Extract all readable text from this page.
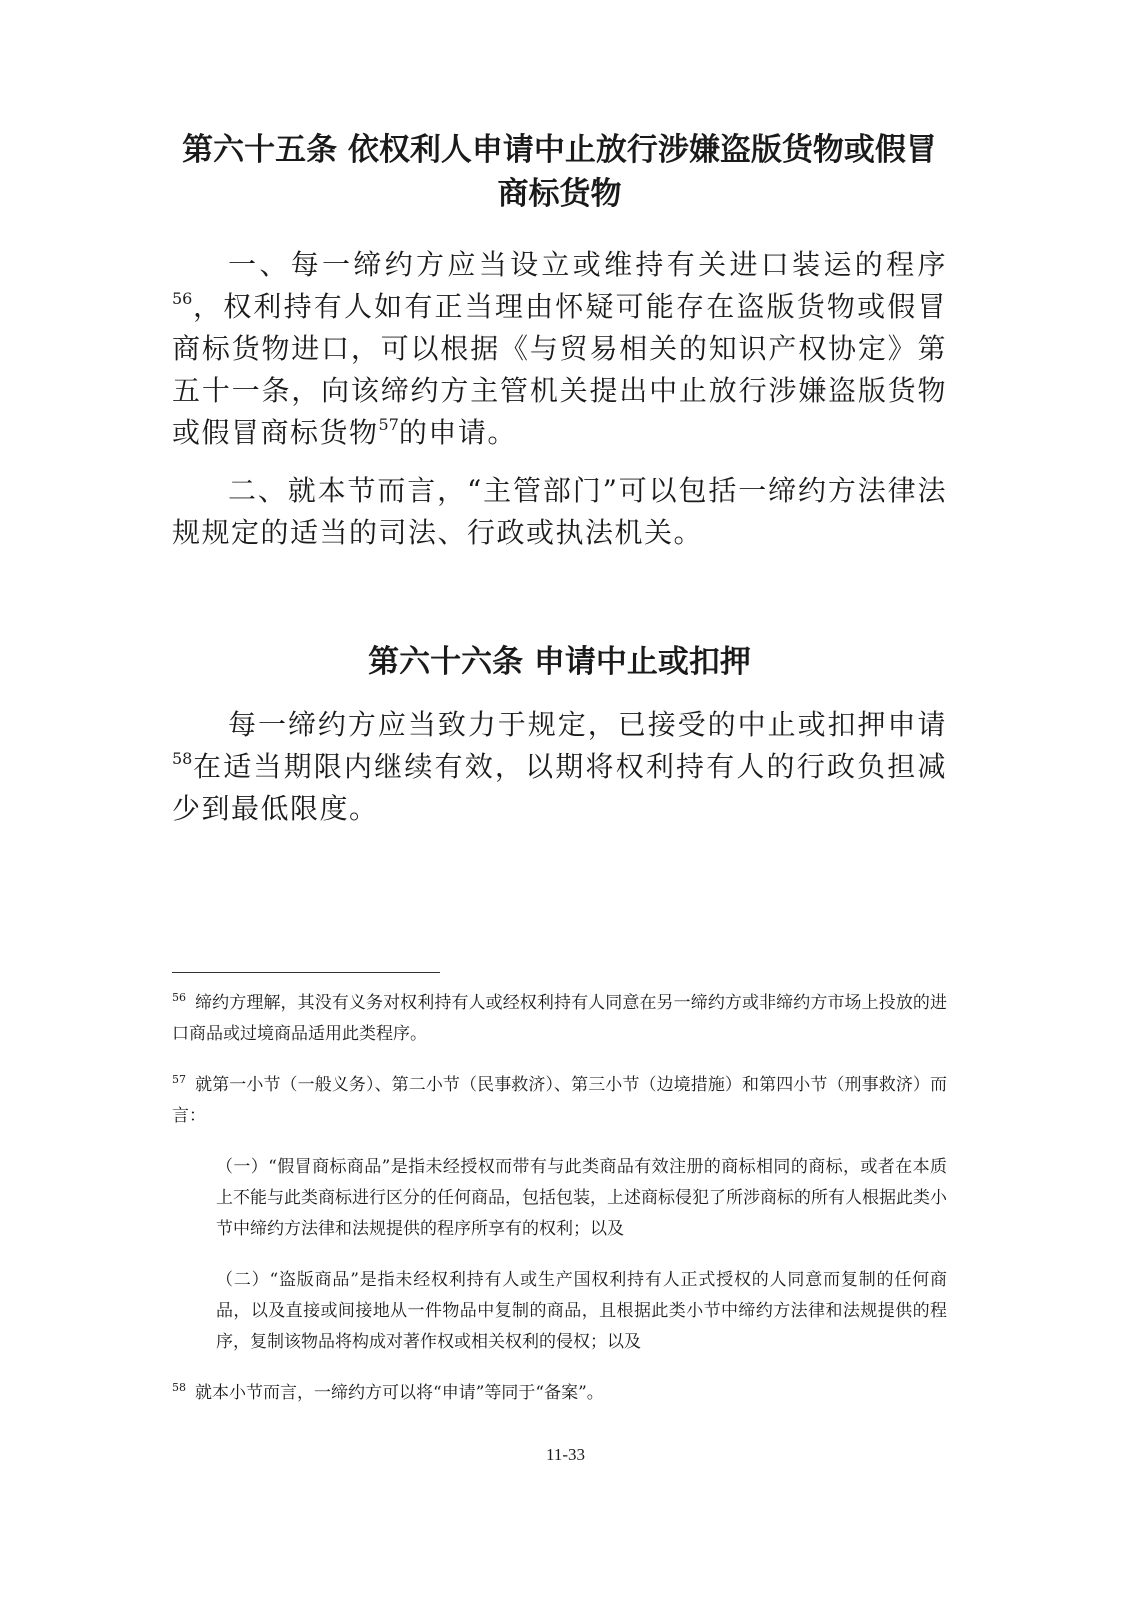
第六十五条 依权利人申请中止放行涉嫌盗版货物或假冒商标货物

一、每一缔约方应当设立或维持有关进口装运的程序$^{56}$，权利持有人如有正当理由怀疑可能存在盗版货物或假冒商标货物进口，可以根据《与贸易相关的知识产权协定》第五十一条，向该缔约方主管机关提出中止放行涉嫌盗版货物或假冒商标货物$^{57}$的申请。

二、就本节而言，“主管部门”可以包括一缔约方法律法规规定的适当的司法、行政或执法机关。

第六十六条 申请中止或扣押

每一缔约方应当致力于规定，已接受的中止或扣押申请$^{58}$在适当期限内继续有效，以期将权利持有人的行政负担减少到最低限度。

$^{56}$ 缔约方理解，其没有义务对权利持有人或经权利持有人同意在另一缔约方或非缔约方市场上投放的进口商品或过境商品适用此类程序。

$^{57}$ 就第一小节（一般义务）、第二小节（民事救济）、第三小节（边境措施）和第四小节（刑事救济）而言：

（一）“假冒商标商品”是指未经授权而带有与此类商品有效注册的商标相同的商标，或者在本质上不能与此类商标进行区分的任何商品，包括包装，上述商标侵犯了所涉商标的所有人根据此类小节中缔约方法律和法规提供的程序所享有的权利；以及

（二）“盗版商品”是指未经权利持有人或生产国权利持有人正式授权的人同意而复制的任何商品，以及直接或间接地从一件物品中复制的商品，且根据此类小节中缔约方法律和法规提供的程序，复制该物品将构成对著作权或相关权利的侵权；以及

$^{58}$ 就本小节而言，一缔约方可以将“申请”等同于“备案”。

11-33
